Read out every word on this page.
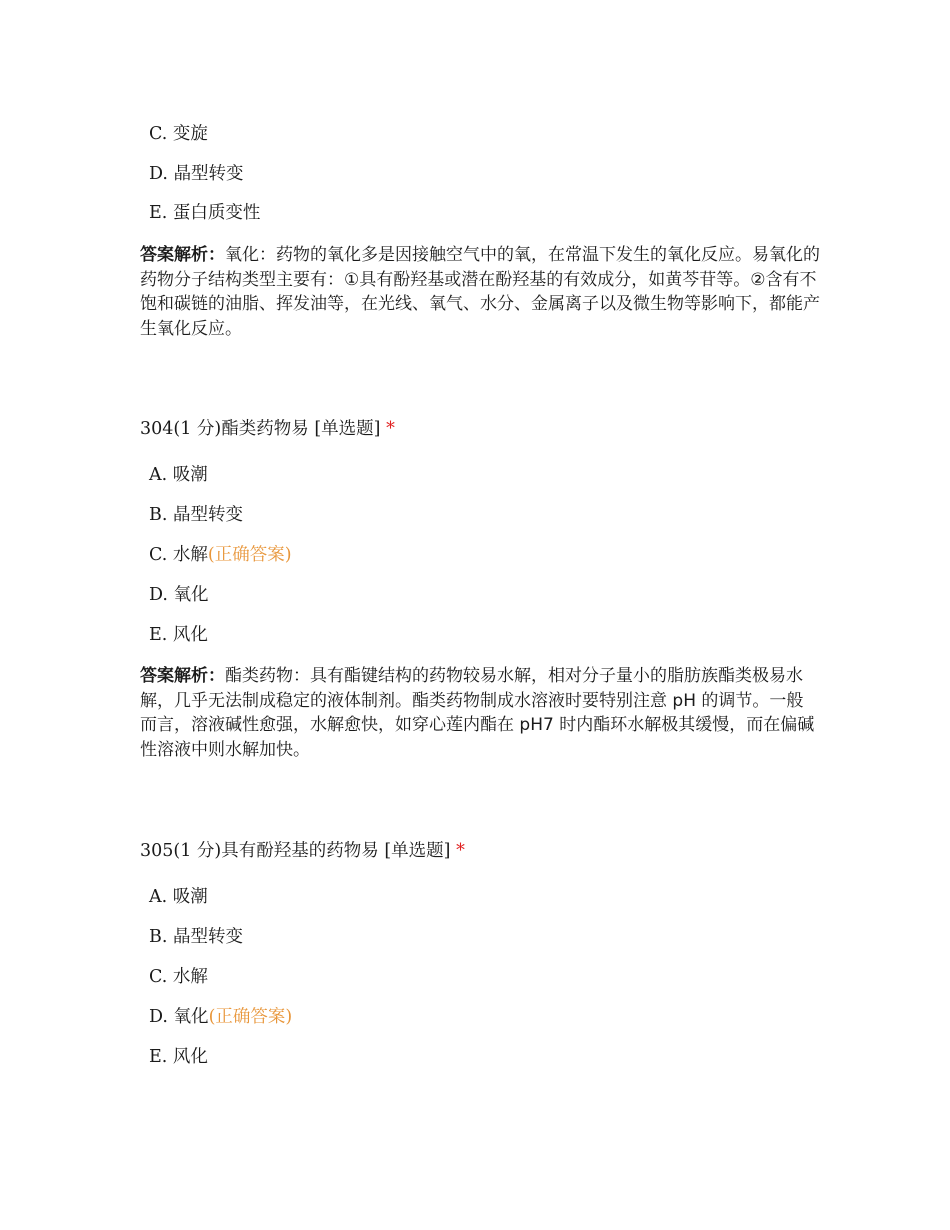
C. 变旋
D. 晶型转变
E. 蛋白质变性
答案解析：氧化：药物的氧化多是因接触空气中的氧，在常温下发生的氧化反应。易氧化的药物分子结构类型主要有：①具有酚羟基或潜在酚羟基的有效成分，如黄芩苷等。②含有不饱和碳链的油脂、挥发油等，在光线、氧气、水分、金属离子以及微生物等影响下，都能产生氧化反应。
304(1 分)酯类药物易 [单选题] *
A. 吸潮
B. 晶型转变
C. 水解(正确答案)
D. 氧化
E. 风化
答案解析：酯类药物：具有酯键结构的药物较易水解，相对分子量小的脂肪族酯类极易水解，几乎无法制成稳定的液体制剂。酯类药物制成水溶液时要特别注意 pH 的调节。一般而言，溶液碱性愈强，水解愈快，如穿心莲内酯在 pH7 时内酯环水解极其缓慢，而在偏碱性溶液中则水解加快。
305(1 分)具有酚羟基的药物易 [单选题] *
A. 吸潮
B. 晶型转变
C. 水解
D. 氧化(正确答案)
E. 风化
